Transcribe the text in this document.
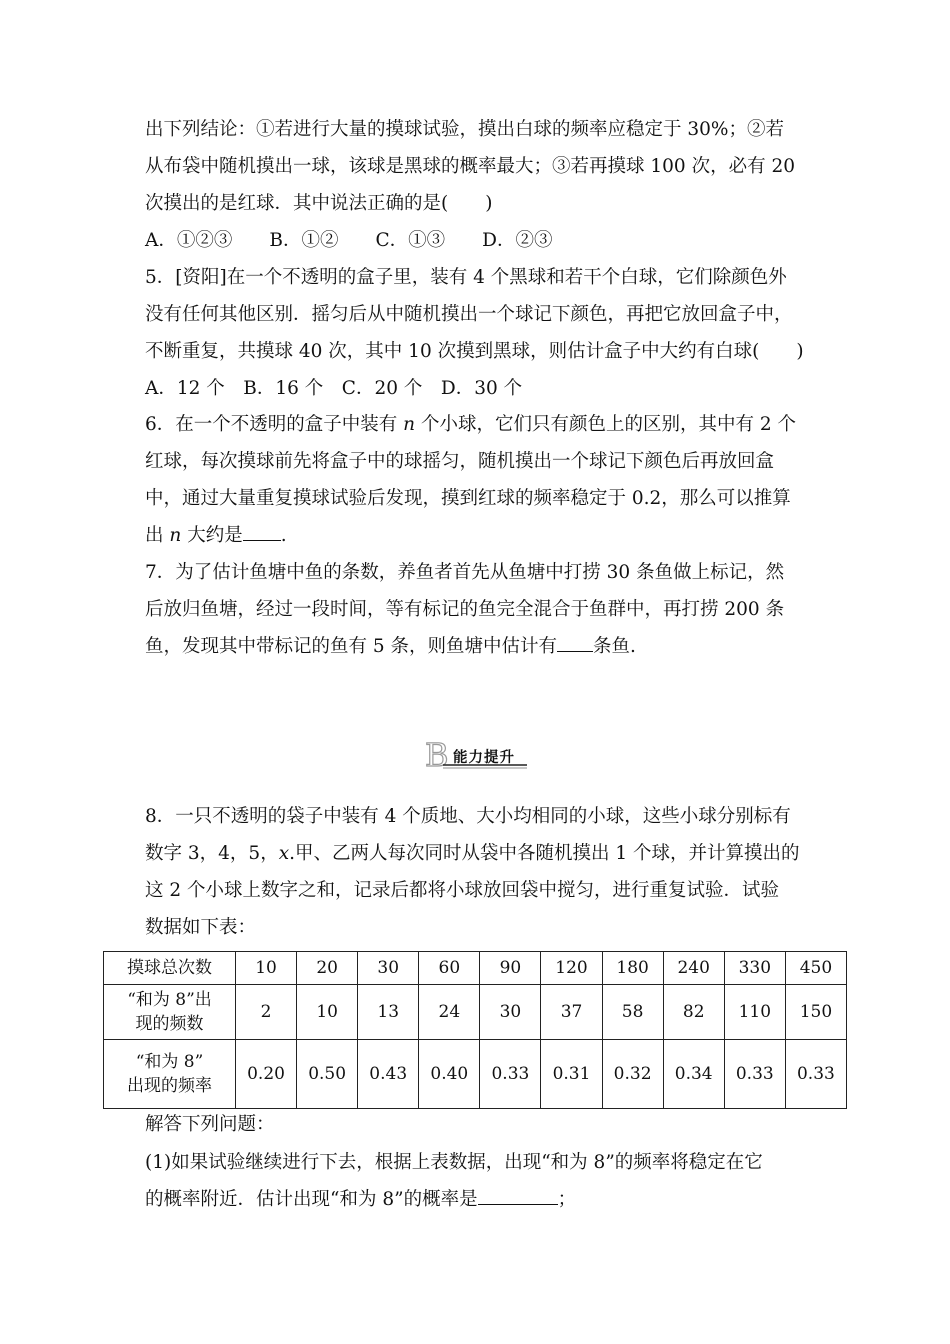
出下列结论：①若进行大量的摸球试验，摸出白球的频率应稳定于 30%；②若
从布袋中随机摸出一球，该球是黑球的概率最大；③若再摸球 100 次，必有 20
次摸出的是红球．其中说法正确的是(　　)
A．①②③　　B．①②　　C．①③　　D．②③
5．[资阳]在一个不透明的盒子里，装有 4 个黑球和若干个白球，它们除颜色外
没有任何其他区别．摇匀后从中随机摸出一个球记下颜色，再把它放回盒子中，
不断重复，共摸球 40 次，其中 10 次摸到黑球，则估计盒子中大约有白球(　　)
A．12 个　B．16 个　C．20 个　D．30 个
6．在一个不透明的盒子中装有 n 个小球，它们只有颜色上的区别，其中有 2 个
红球，每次摸球前先将盒子中的球摇匀，随机摸出一个球记下颜色后再放回盒
中，通过大量重复摸球试验后发现，摸到红球的频率稳定于 0.2，那么可以推算
出 n 大约是 .
7．为了估计鱼塘中鱼的条数，养鱼者首先从鱼塘中打捞 30 条鱼做上标记，然
后放归鱼塘，经过一段时间，等有标记的鱼完全混合于鱼群中，再打捞 200 条
鱼，发现其中带标记的鱼有 5 条，则鱼塘中估计有 条鱼.
B 能力提升
8．一只不透明的袋子中装有 4 个质地、大小均相同的小球，这些小球分别标有
数字 3，4，5，x.甲、乙两人每次同时从袋中各随机摸出 1 个球，并计算摸出的
这 2 个小球上数字之和，记录后都将小球放回袋中搅匀，进行重复试验．试验
数据如下表：
摸球总次数	10	20	30	60	90	120	180	240	330	450
“和为 8”出
现的频数	2	10	13	24	30	37	58	82	110	150
“和为 8”
出现的频率	0.20	0.50	0.43	0.40	0.33	0.31	0.32	0.34	0.33	0.33
解答下列问题：
(1)如果试验继续进行下去，根据上表数据，出现“和为 8”的频率将稳定在它
的概率附近．估计出现“和为 8”的概率是	；
